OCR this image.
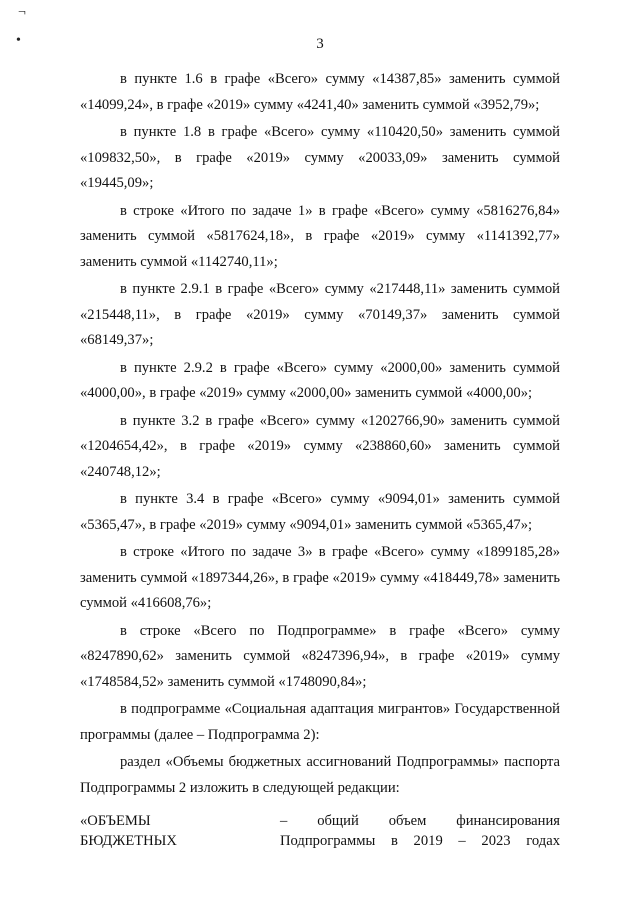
¬
•	3

в пункте 1.6 в графе «Всего» сумму «14387,85» заменить суммой «14099,24», в графе «2019» сумму «4241,40» заменить суммой «3952,79»;

в пункте 1.8 в графе «Всего» сумму «110420,50» заменить суммой «109832,50», в графе «2019» сумму «20033,09» заменить суммой «19445,09»;

в строке «Итого по задаче 1» в графе «Всего» сумму «5816276,84» заменить суммой «5817624,18», в графе «2019» сумму «1141392,77» заменить суммой «1142740,11»;

в пункте 2.9.1 в графе «Всего» сумму «217448,11» заменить суммой «215448,11», в графе «2019» сумму «70149,37» заменить суммой «68149,37»;

в пункте 2.9.2 в графе «Всего» сумму «2000,00» заменить суммой «4000,00», в графе «2019» сумму «2000,00» заменить суммой «4000,00»;

в пункте 3.2 в графе «Всего» сумму «1202766,90» заменить суммой «1204654,42», в графе «2019» сумму «238860,60» заменить суммой «240748,12»;

в пункте 3.4 в графе «Всего» сумму «9094,01» заменить суммой «5365,47», в графе «2019» сумму «9094,01» заменить суммой «5365,47»;

в строке «Итого по задаче 3» в графе «Всего» сумму «1899185,28» заменить суммой «1897344,26», в графе «2019» сумму «418449,78» заменить суммой «416608,76»;

в строке «Всего по Подпрограмме» в графе «Всего» сумму «8247890,62» заменить суммой «8247396,94», в графе «2019» сумму «1748584,52» заменить суммой «1748090,84»;

в подпрограмме «Социальная адаптация мигрантов» Государственной программы (далее – Подпрограмма 2):

раздел «Объемы бюджетных ассигнований Подпрограммы» паспорта Подпрограммы 2 изложить в следующей редакции:

«ОБЪЕМЫ
БЮДЖЕТНЫХ
– общий объем финансирования
Подпрограммы в 2019 – 2023 годах
